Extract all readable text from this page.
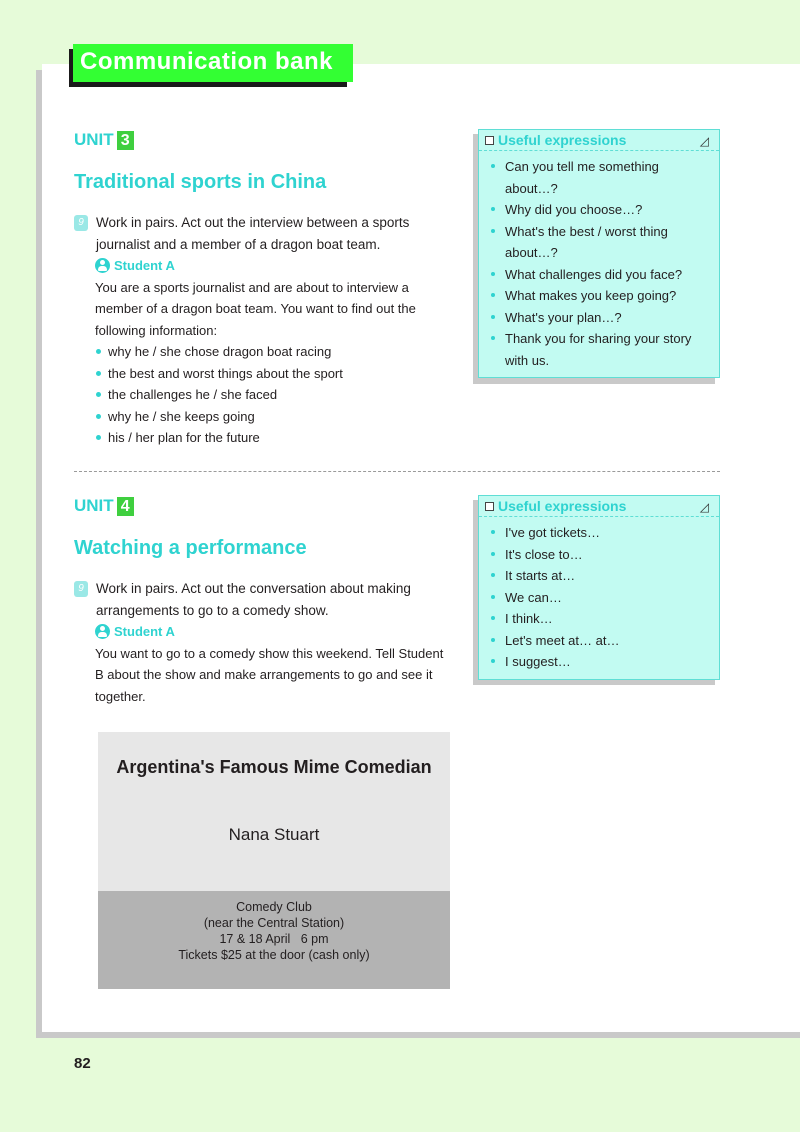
Communication bank
UNIT 3
Traditional sports in China
9 Work in pairs. Act out the interview between a sports journalist and a member of a dragon boat team.
Student A
You are a sports journalist and are about to interview a member of a dragon boat team. You want to find out the following information:
why he / she chose dragon boat racing
the best and worst things about the sport
the challenges he / she faced
why he / she keeps going
his / her plan for the future
Useful expressions	◿
Can you tell me something about…?
Why did you choose…?
What's the best / worst thing about…?
What challenges did you face?
What makes you keep going?
What's your plan…?
Thank you for sharing your story with us.
UNIT 4
Watching a performance
9 Work in pairs. Act out the conversation about making arrangements to go to a comedy show.
Student A
You want to go to a comedy show this weekend. Tell Student B about the show and make arrangements to go and see it together.
Useful expressions	◿
I've got tickets…
It's close to…
It starts at…
We can…
I think…
Let's meet at… at…
I suggest…
Argentina's Famous Mime Comedian
Nana Stuart
Comedy Club
(near the Central Station)
17 & 18 April   6 pm
Tickets $25 at the door (cash only)
82
